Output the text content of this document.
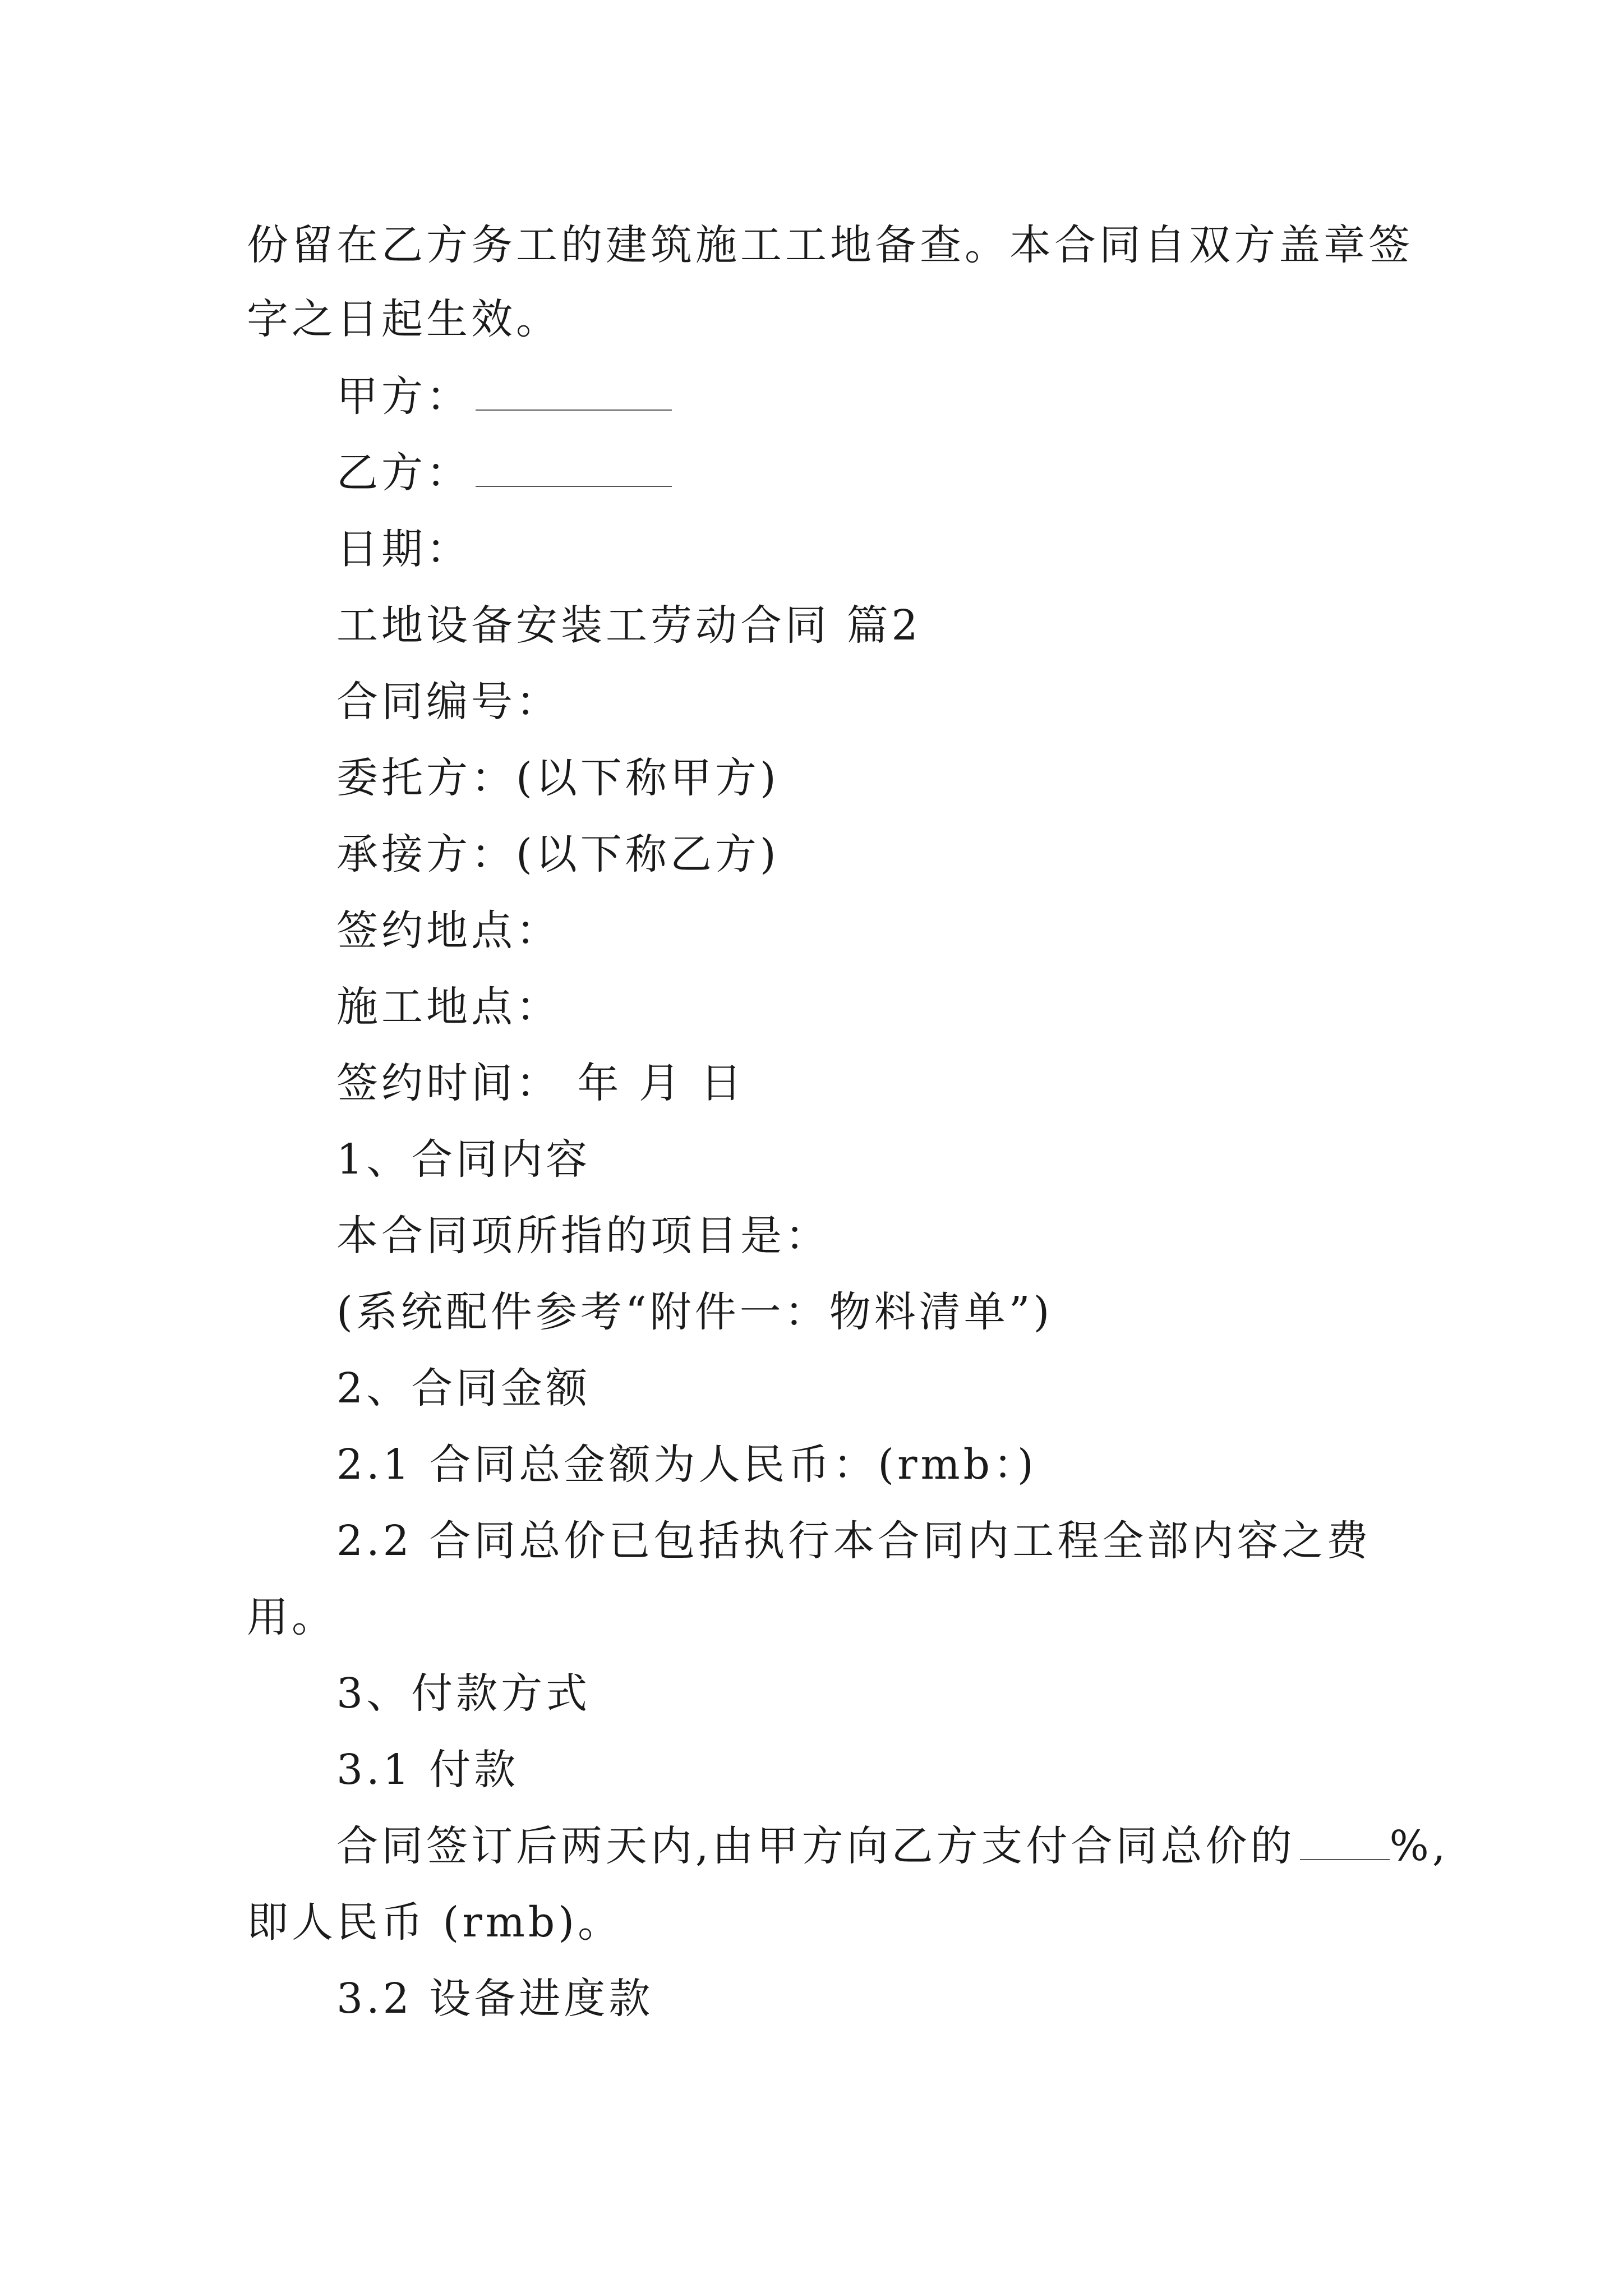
份留在乙方务工的建筑施工工地备查。本合同自双方盖章签
字之日起生效。
甲方：
乙方：
日期：
工地设备安装工劳动合同 篇2
合同编号：
委托方：(以下称甲方)
承接方：(以下称乙方)
签约地点：
施工地点：
签约时间： 年 月 日
1、合同内容
本合同项所指的项目是：
(系统配件参考“附件一：物料清单”)
2、合同金额
2.1 合同总金额为人民币：(rmb：)
2.2 合同总价已包括执行本合同内工程全部内容之费
用。
3、付款方式
3.1 付款
合同签订后两天内,由甲方向乙方支付合同总价的 %,
即人民币 (rmb)。
3.2 设备进度款
